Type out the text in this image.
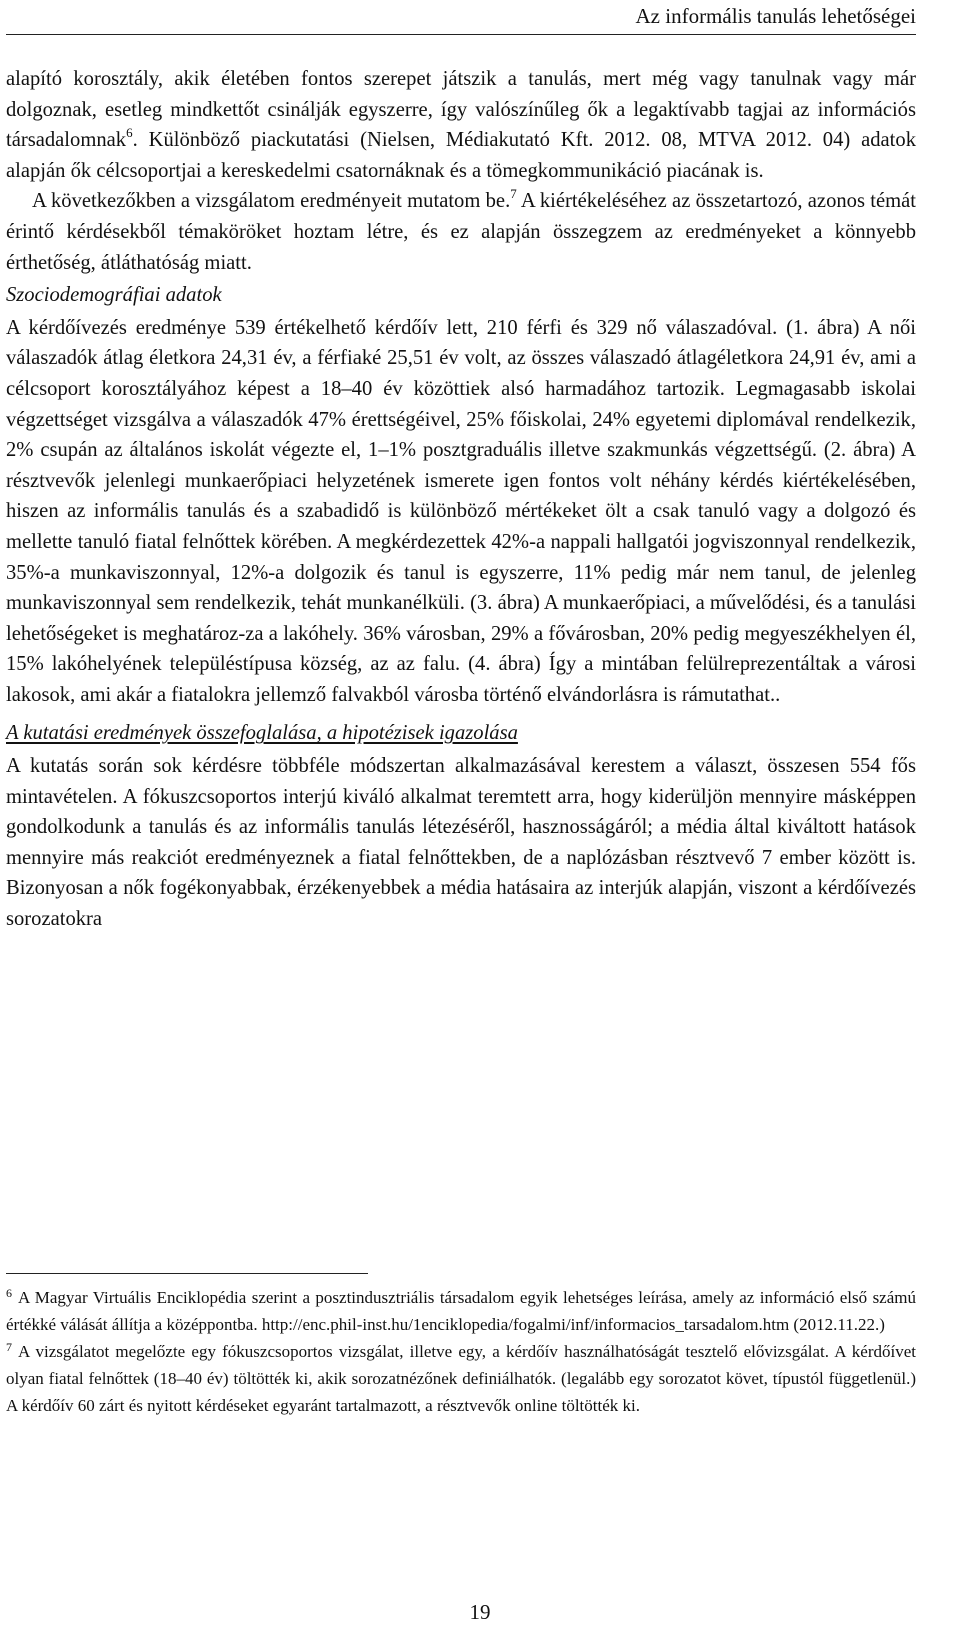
Az informális tanulás lehetőségei

alapító korosztály, akik életében fontos szerepet játszik a tanulás, mert még vagy tanulnak vagy már dolgoznak, esetleg mindkettőt csinálják egyszerre, így valószínűleg ők a legaktívabb tagjai az információs társadalomnak$^6$. Különböző piackutatási (Nielsen, Médiakutató Kft. 2012. 08, MTVA 2012. 04) adatok alapján ők célcsoportjai a kereskedelmi csatornáknak és a tömegkommunikáció piacának is.

A következőkben a vizsgálatom eredményeit mutatom be.$^7$ A kiértékeléséhez az összetartozó, azonos témát érintő kérdésekből témaköröket hoztam létre, és ez alapján összegzem az eredményeket a könnyebb érthetőség, átláthatóság miatt.

Szociodemográfiai adatok

A kérdőívezés eredménye 539 értékelhető kérdőív lett, 210 férfi és 329 nő válaszadóval. (1. ábra) A női válaszadók átlag életkora 24,31 év, a férfiaké 25,51 év volt, az összes válaszadó átlagéletkora 24,91 év, ami a célcsoport korosztályához képest a 18–40 év közöttiek alsó harmadához tartozik. Legmagasabb iskolai végzettséget vizsgálva a válaszadók 47% érettségéivel, 25% főiskolai, 24% egyetemi diplomával rendelkezik, 2% csupán az általános iskolát végezte el, 1–1% posztgraduális illetve szakmunkás végzettségű. (2. ábra) A résztvevők jelenlegi munkaerőpiaci helyzetének ismerete igen fontos volt néhány kérdés kiértékelésében, hiszen az informális tanulás és a szabadidő is különböző mértékeket ölt a csak tanuló vagy a dolgozó és mellette tanuló fiatal felnőttek körében. A megkérdezettek 42%-a nappali hallgatói jogviszonnyal rendelkezik, 35%-a munkaviszonnyal, 12%-a dolgozik és tanul is egyszerre, 11% pedig már nem tanul, de jelenleg munkaviszonnyal sem rendelkezik, tehát munkanélküli. (3. ábra) A munkaerőpiaci, a művelődési, és a tanulási lehetőségeket is meghatároz-za a lakóhely. 36% városban, 29% a fővárosban, 20% pedig megyeszékhelyen él, 15% lakóhelyének településtípusa község, az az falu. (4. ábra) Így a mintában felülreprezentáltak a városi lakosok, ami akár a fiatalokra jellemző falvakból városba történő elvándorlásra is rámutathat..

A kutatási eredmények összefoglalása, a hipotézisek igazolása

A kutatás során sok kérdésre többféle módszertan alkalmazásával kerestem a választ, összesen 554 fős mintavételen. A fókuszcsoportos interjú kiváló alkalmat teremtett arra, hogy kiderüljön mennyire másképpen gondolkodunk a tanulás és az informális tanulás létezéséről, hasznosságáról; a média által kiváltott hatások mennyire más reakciót eredményeznek a fiatal felnőttekben, de a naplózásban résztvevő 7 ember között is. Bizonyosan a nők fogékonyabbak, érzékenyebbek a média hatásaira az interjúk alapján, viszont a kérdőívezés sorozatokra

$^6$ A Magyar Virtuális Enciklopédia szerint a posztindusztriális társadalom egyik lehetséges leírása, amely az információ első számú értékké válását állítja a középpontba. http://enc.phil-inst.hu/1enciklopedia/fogalmi/inf/informacios_tarsadalom.htm (2012.11.22.)

$^7$ A vizsgálatot megelőzte egy fókuszcsoportos vizsgálat, illetve egy, a kérdőív használhatóságát tesztelő elővizsgálat. A kérdőívet olyan fiatal felnőttek (18–40 év) töltötték ki, akik sorozatnézőnek definiálhatók. (legalább egy sorozatot követ, típustól függetlenül.) A kérdőív 60 zárt és nyitott kérdéseket egyaránt tartalmazott, a résztvevők online töltötték ki.

19
